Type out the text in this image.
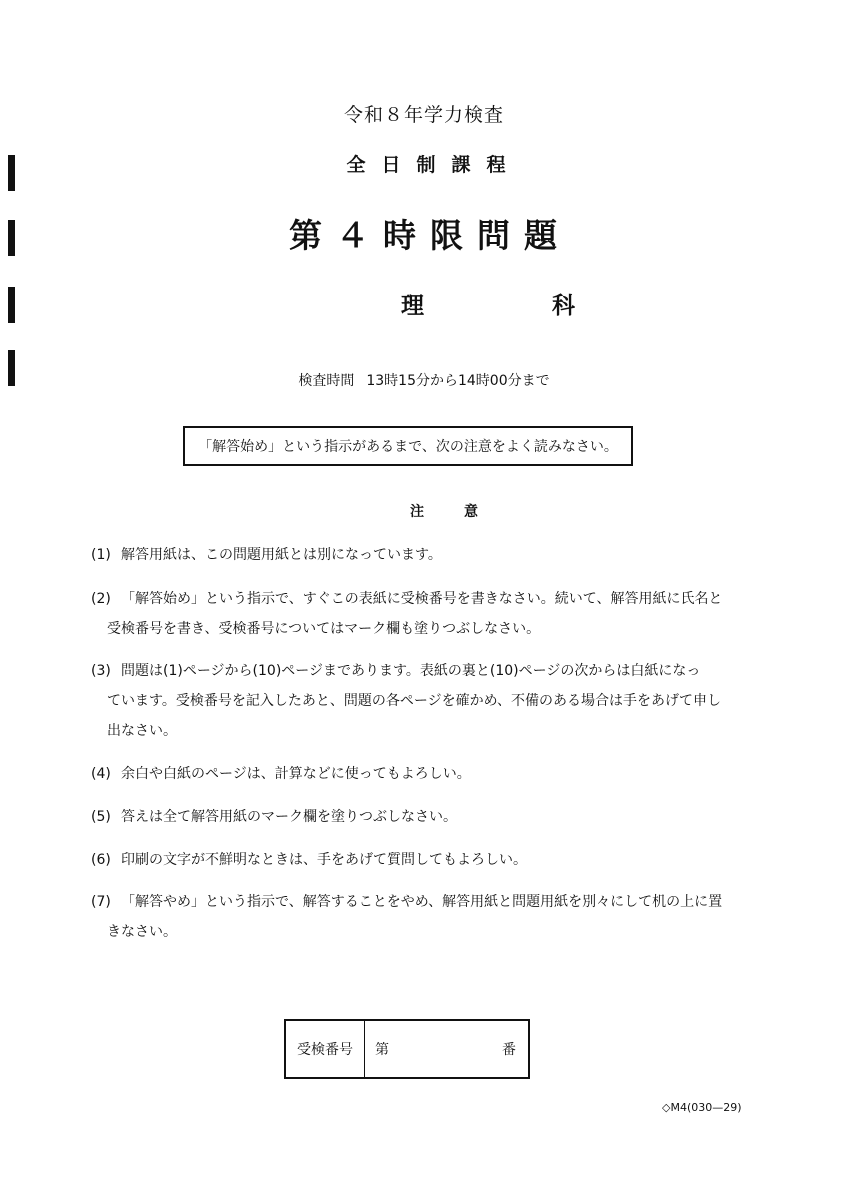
令和８年学力検査
全日制課程
第４時限問題
理科
検査時間 13時15分から14時00分まで
「解答始め」という指示があるまで、次の注意をよく読みなさい。
注意
(1) 解答用紙は、この問題用紙とは別になっています。
(2) 「解答始め」という指示で、すぐこの表紙に受検番号を書きなさい。続いて、解答用紙に氏名と
受検番号を書き、受検番号についてはマーク欄も塗りつぶしなさい。
(3) 問題は(1)ページから(10)ページまであります。表紙の裏と(10)ページの次からは白紙になっ
ています。受検番号を記入したあと、問題の各ページを確かめ、不備のある場合は手をあげて申し
出なさい。
(4) 余白や白紙のページは、計算などに使ってもよろしい。
(5) 答えは全て解答用紙のマーク欄を塗りつぶしなさい。
(6) 印刷の文字が不鮮明なときは、手をあげて質問してもよろしい。
(7) 「解答やめ」という指示で、解答することをやめ、解答用紙と問題用紙を別々にして机の上に置
きなさい。
受検番号	第	番
◇M4(030—29)
